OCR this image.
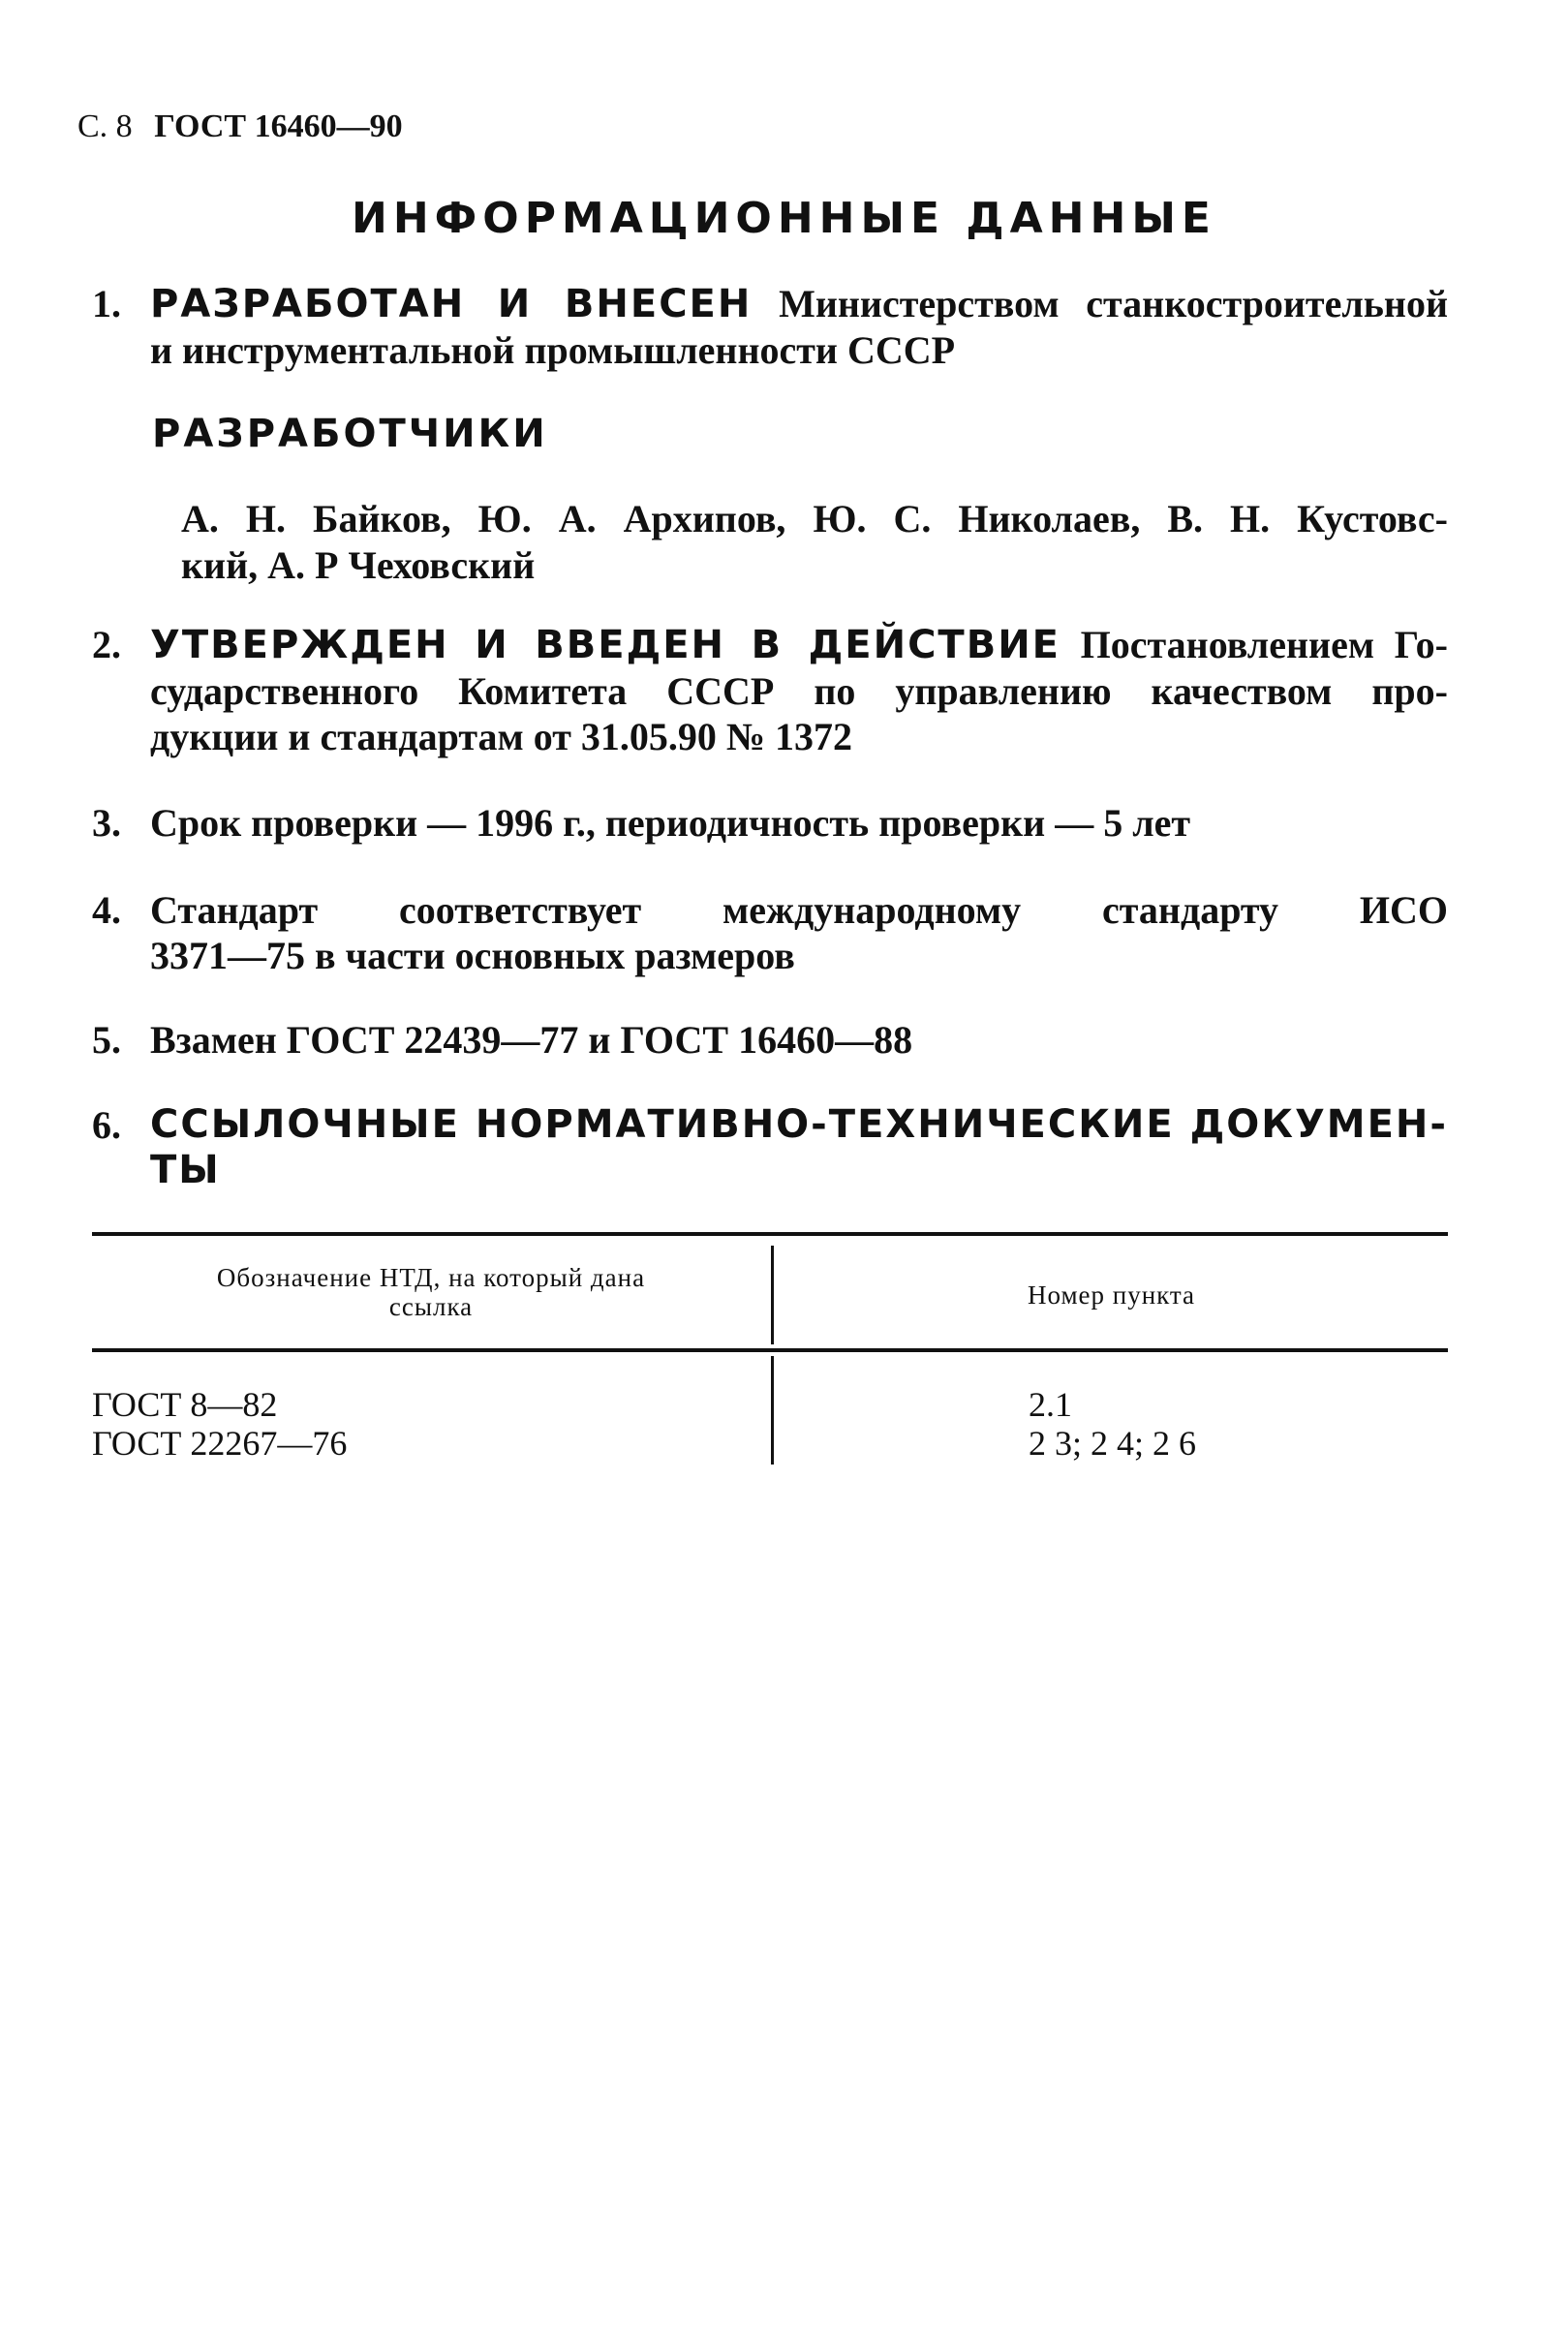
С. 8 ГОСТ 16460—90
ИНФОРМАЦИОННЫЕ ДАННЫЕ
1. РАЗРАБОТАН И ВНЕСЕН Министерством станкостроительной
и инструментальной промышленности СССР
РАЗРАБОТЧИКИ
А. Н. Байков, Ю. А. Архипов, Ю. С. Николаев, В. Н. Кустовс-
кий, А. Р Чеховский
2. УТВЕРЖДЕН И ВВЕДЕН В ДЕЙСТВИЕ Постановлением Го-
сударственного Комитета СССР по управлению качеством про-
дукции и стандартам от 31.05.90 № 1372
3. Срок проверки — 1996 г., периодичность проверки — 5 лет
4. Стандарт соответствует международному стандарту ИСО
3371—75 в части основных размеров
5. Взамен ГОСТ 22439—77 и ГОСТ 16460—88
6. ССЫЛОЧНЫЕ НОРМАТИВНО-ТЕХНИЧЕСКИЕ ДОКУМЕН-
ТЫ
Обозначение НТД, на который дана
ссылка	Номер пункта
ГОСТ 8—82	2.1
ГОСТ 22267—76	2 3; 2 4; 2 6
